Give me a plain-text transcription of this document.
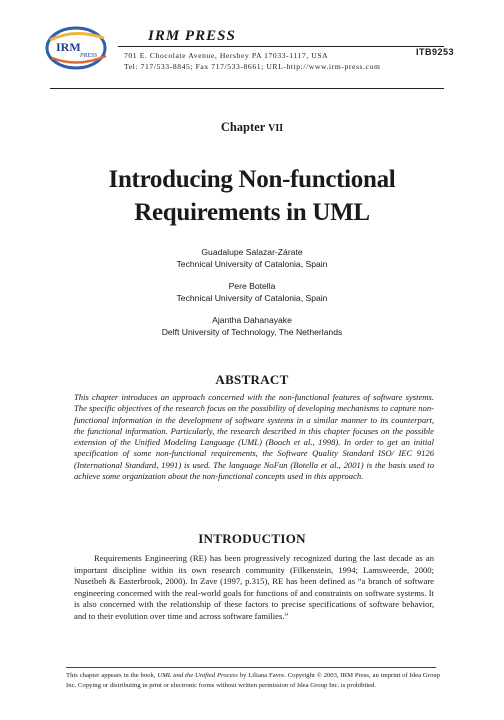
IRM
PRESS
IRM PRESS
701 E. Chocolate Avenue, Hershey PA 17033-1117, USA
Tel: 717/533-8845; Fax 717/533-8661; URL-http://www.irm-press.com
ITB9253
Chapter VII
Introducing Non-functional
Requirements in UML
Guadalupe Salazar-Zárate
Technical University of Catalonia, Spain
Pere Botella
Technical University of Catalonia, Spain
Ajantha Dahanayake
Delft University of Technology, The Netherlands
ABSTRACT

This chapter introduces an approach concerned with the non-functional features of software systems. The specific objectives of the research focus on the possibility of developing mechanisms to capture non-functional information in the development of software systems in a similar manner to its counterpart, the functional information. Particularly, the research described in this chapter focuses on the possible extension of the Unified Modeling Language (UML) (Booch et al., 1998). In order to get an initial specification of some non-functional requirements, the Software Quality Standard ISO/ IEC 9126 (International Standard, 1991) is used. The language NoFun (Botella et al., 2001) is the basis used to achieve some organization about the non-functional concepts used in this approach.

INTRODUCTION

Requirements Engineering (RE) has been progressively recognized during the last decade as an important discipline within its own research community (Filkenstein, 1994; Lamsweerde, 2000; Nuseibeh & Easterbrook, 2000). In Zave (1997, p.315), RE has been defined as “a branch of software engineering concerned with the real-world goals for functions of and constraints on software systems. It is also concerned with the relationship of these factors to precise specifications of software behavior, and to their evolution over time and across software families.”

This chapter appears in the book, UML and the Unified Process by Liliana Favre. Copyright © 2003, IRM Press, an imprint of Idea Group Inc. Copying or distributing in print or electronic forms without written permission of Idea Group Inc. is prohibited.
